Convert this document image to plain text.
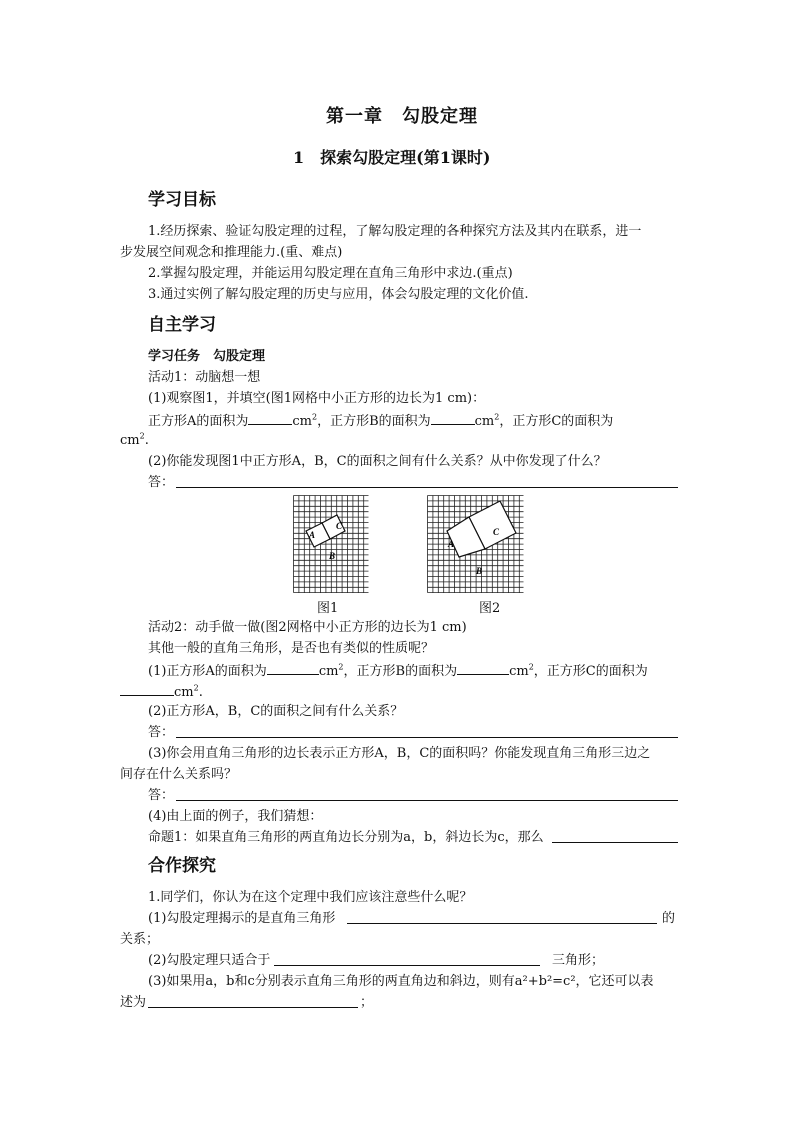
第一章　勾股定理
1　探索勾股定理(第1课时)
学习目标
1.经历探索、验证勾股定理的过程，了解勾股定理的各种探究方法及其内在联系，进一
步发展空间观念和推理能力.(重、难点)
2.掌握勾股定理，并能运用勾股定理在直角三角形中求边.(重点)
3.通过实例了解勾股定理的历史与应用，体会勾股定理的文化价值.
自主学习
学习任务　勾股定理
活动1：动脑想一想
(1)观察图1，并填空(图1网格中小正方形的边长为1 cm)：
正方形A的面积为	$cm^2$，正方形B的面积为	$cm^2$，正方形C的面积为
$cm^2$.
(2)你能发现图1中正方形A，B，C的面积之间有什么关系？从中你发现了什么？
答：
A
C
B
图1
A
C
B
图2
活动2：动手做一做(图2网格中小正方形的边长为1 cm)
其他一般的直角三角形，是否也有类似的性质呢？
(1)正方形A的面积为	$cm^2$，正方形B的面积为	$cm^2$，正方形C的面积为
$cm^2$.
(2)正方形A，B，C的面积之间有什么关系？
答：
(3)你会用直角三角形的边长表示正方形A，B，C的面积吗？你能发现直角三角形三边之
间存在什么关系吗？
答：
(4)由上面的例子，我们猜想：
命题1：如果直角三角形的两直角边长分别为a，b，斜边长为c，那么
合作探究
1.同学们，你认为在这个定理中我们应该注意些什么呢？
(1)勾股定理揭示的是直角三角形	的
关系；
(2)勾股定理只适合于	三角形；
(3)如果用a，b和c分别表示直角三角形的两直角边和斜边，则有a²+b²=c²，它还可以表
述为	；
